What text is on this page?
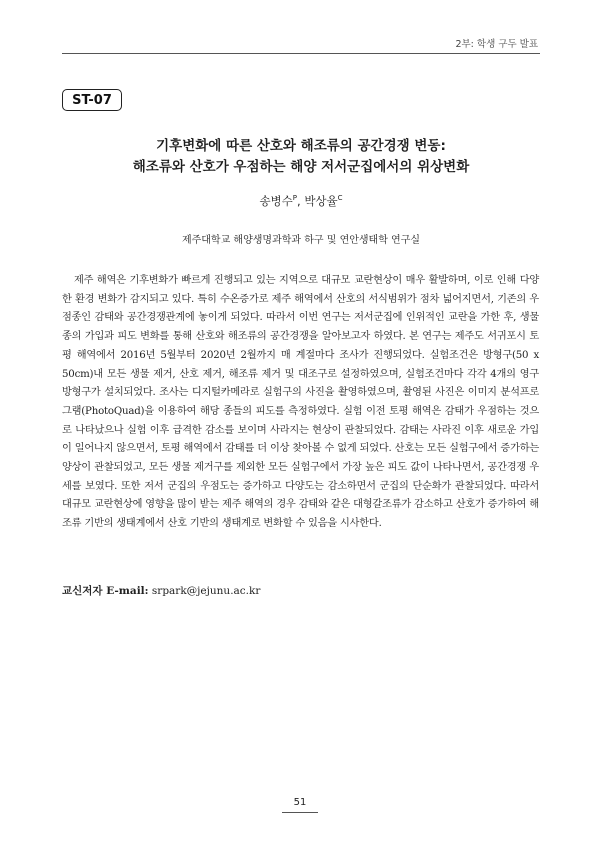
2부: 학생 구두 발표
ST-07
기후변화에 따른 산호와 해조류의 공간경쟁 변동:
해조류와 산호가 우점하는 해양 저서군집에서의 위상변화
송병수$^P$, 박상율$^C$
제주대학교 해양생명과학과 하구 및 연안생태학 연구실

제주 해역은 기후변화가 빠르게 진행되고 있는 지역으로 대규모 교란현상이 매우 활발하며, 이로 인해 다양한 환경 변화가 감지되고 있다. 특히 수온증가로 제주 해역에서 산호의 서식범위가 점차 넓어지면서, 기존의 우점종인 감태와 공간경쟁관계에 놓이게 되었다. 따라서 이번 연구는 저서군집에 인위적인 교란을 가한 후, 생물 종의 가입과 피도 변화를 통해 산호와 해조류의 공간경쟁을 알아보고자 하였다. 본 연구는 제주도 서귀포시 토평 해역에서 2016년 5월부터 2020년 2월까지 매 계절마다 조사가 진행되었다. 실험조건은 방형구(50 x 50cm)내 모든 생물 제거, 산호 제거, 해조류 제거 및 대조구로 설정하였으며, 실험조건마다 각각 4개의 영구 방형구가 설치되었다. 조사는 디지털카메라로 실험구의 사진을 촬영하였으며, 촬영된 사진은 이미지 분석프로그램(PhotoQuad)을 이용하여 해당 종들의 피도를 측정하였다. 실험 이전 토평 해역은 감태가 우점하는 것으로 나타났으나 실험 이후 급격한 감소를 보이며 사라지는 현상이 관찰되었다. 감태는 사라진 이후 새로운 가입이 일어나지 않으면서, 토평 해역에서 감태를 더 이상 찾아볼 수 없게 되었다. 산호는 모든 실험구에서 증가하는 양상이 관찰되었고, 모든 생물 제거구를 제외한 모든 실험구에서 가장 높은 피도 값이 나타나면서, 공간경쟁 우세를 보였다. 또한 저서 군집의 우점도는 증가하고 다양도는 감소하면서 군집의 단순화가 관찰되었다. 따라서 대규모 교란현상에 영향을 많이 받는 제주 해역의 경우 감태와 같은 대형갈조류가 감소하고 산호가 증가하여 해조류 기반의 생태계에서 산호 기반의 생태계로 변화할 수 있음을 시사한다.

교신저자 E-mail: srpark@jejunu.ac.kr
51
